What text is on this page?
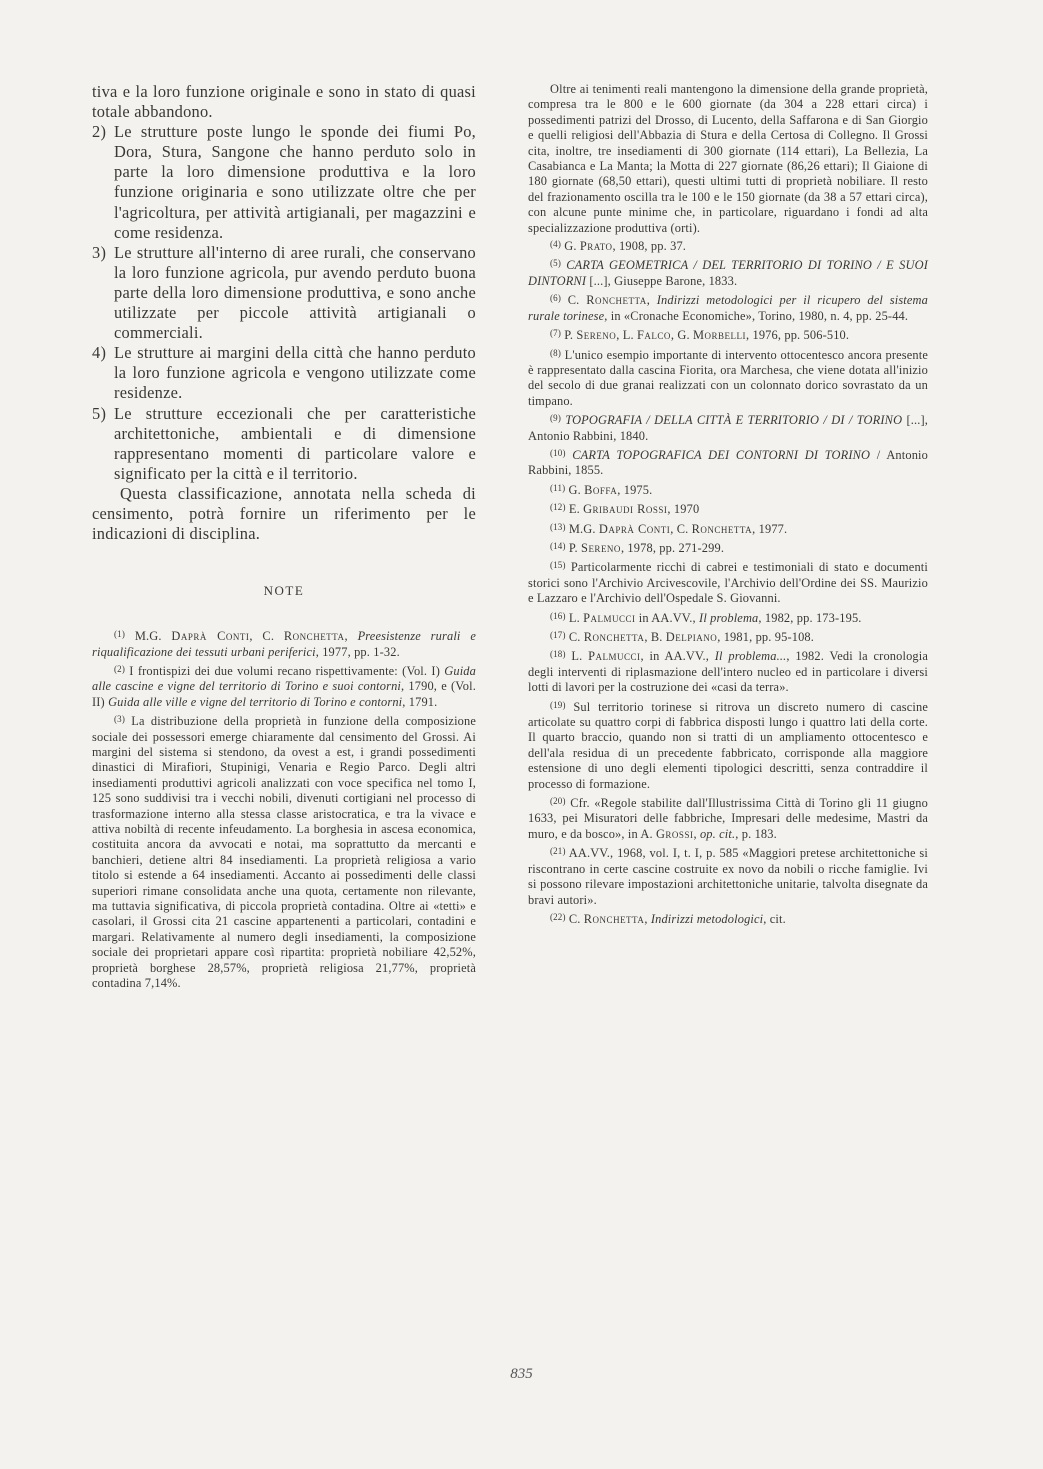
tiva e la loro funzione originale e sono in stato di quasi totale abbandono.

2) Le strutture poste lungo le sponde dei fiumi Po, Dora, Stura, Sangone che hanno perduto solo in parte la loro dimensione produttiva e la loro funzione originaria e sono utilizzate oltre che per l'agricoltura, per attività artigianali, per magazzini e come residenza.

3) Le strutture all'interno di aree rurali, che conservano la loro funzione agricola, pur avendo perduto buona parte della loro dimensione produttiva, e sono anche utilizzate per piccole attività artigianali o commerciali.

4) Le strutture ai margini della città che hanno perduto la loro funzione agricola e vengono utilizzate come residenze.

5) Le strutture eccezionali che per caratteristiche architettoniche, ambientali e di dimensione rappresentano momenti di particolare valore e significato per la città e il territorio.

Questa classificazione, annotata nella scheda di censimento, potrà fornire un riferimento per le indicazioni di disciplina.

NOTE

$^{(1)}$ M.G. Daprà Conti, C. Ronchetta, Preesistenze rurali e riqualificazione dei tessuti urbani periferici, 1977, pp. 1-32.

$^{(2)}$ I frontispizi dei due volumi recano rispettivamente: (Vol. I) Guida alle cascine e vigne del territorio di Torino e suoi contorni, 1790, e (Vol. II) Guida alle ville e vigne del territorio di Torino e contorni, 1791.

$^{(3)}$ La distribuzione della proprietà in funzione della composizione sociale dei possessori emerge chiaramente dal censimento del Grossi. Ai margini del sistema si stendono, da ovest a est, i grandi possedimenti dinastici di Mirafiori, Stupinigi, Venaria e Regio Parco. Degli altri insediamenti produttivi agricoli analizzati con voce specifica nel tomo I, 125 sono suddivisi tra i vecchi nobili, divenuti cortigiani nel processo di trasformazione interno alla stessa classe aristocratica, e tra la vivace e attiva nobiltà di recente infeudamento. La borghesia in ascesa economica, costituita ancora da avvocati e notai, ma soprattutto da mercanti e banchieri, detiene altri 84 insediamenti. La proprietà religiosa a vario titolo si estende a 64 insediamenti. Accanto ai possedimenti delle classi superiori rimane consolidata anche una quota, certamente non rilevante, ma tuttavia significativa, di piccola proprietà contadina. Oltre ai «tetti» e casolari, il Grossi cita 21 cascine appartenenti a particolari, contadini e margari. Relativamente al numero degli insediamenti, la composizione sociale dei proprietari appare così ripartita: proprietà nobiliare 42,52%, proprietà borghese 28,57%, proprietà religiosa 21,77%, proprietà contadina 7,14%.

Oltre ai tenimenti reali mantengono la dimensione della grande proprietà, compresa tra le 800 e le 600 giornate (da 304 a 228 ettari circa) i possedimenti patrizi del Drosso, di Lucento, della Saffarona e di San Giorgio e quelli religiosi dell'Abbazia di Stura e della Certosa di Collegno. Il Grossi cita, inoltre, tre insediamenti di 300 giornate (114 ettari), La Bellezia, La Casabianca e La Manta; la Motta di 227 giornate (86,26 ettari); Il Giaione di 180 giornate (68,50 ettari), questi ultimi tutti di proprietà nobiliare. Il resto del frazionamento oscilla tra le 100 e le 150 giornate (da 38 a 57 ettari circa), con alcune punte minime che, in particolare, riguardano i fondi ad alta specializzazione produttiva (orti).

$^{(4)}$ G. Prato, 1908, pp. 37.

$^{(5)}$ CARTA GEOMETRICA / DEL TERRITORIO DI TORINO / E SUOI DINTORNI [...], Giuseppe Barone, 1833.

$^{(6)}$ C. Ronchetta, Indirizzi metodologici per il ricupero del sistema rurale torinese, in «Cronache Economiche», Torino, 1980, n. 4, pp. 25-44.

$^{(7)}$ P. Sereno, L. Falco, G. Morbelli, 1976, pp. 506-510.

$^{(8)}$ L'unico esempio importante di intervento ottocentesco ancora presente è rappresentato dalla cascina Fiorita, ora Marchesa, che viene dotata all'inizio del secolo di due granai realizzati con un colonnato dorico sovrastato da un timpano.

$^{(9)}$ TOPOGRAFIA / DELLA CITTÀ E TERRITORIO / DI / TORINO [...], Antonio Rabbini, 1840.

$^{(10)}$ CARTA TOPOGRAFICA DEI CONTORNI DI TORINO / Antonio Rabbini, 1855.

$^{(11)}$ G. Boffa, 1975.

$^{(12)}$ E. Gribaudi Rossi, 1970

$^{(13)}$ M.G. Daprà Conti, C. Ronchetta, 1977.

$^{(14)}$ P. Sereno, 1978, pp. 271-299.

$^{(15)}$ Particolarmente ricchi di cabrei e testimoniali di stato e documenti storici sono l'Archivio Arcivescovile, l'Archivio dell'Ordine dei SS. Maurizio e Lazzaro e l'Archivio dell'Ospedale S. Giovanni.

$^{(16)}$ L. Palmucci in AA.VV., Il problema, 1982, pp. 173-195.

$^{(17)}$ C. Ronchetta, B. Delpiano, 1981, pp. 95-108.

$^{(18)}$ L. Palmucci, in AA.VV., Il problema..., 1982. Vedi la cronologia degli interventi di riplasmazione dell'intero nucleo ed in particolare i diversi lotti di lavori per la costruzione dei «casi da terra».

$^{(19)}$ Sul territorio torinese si ritrova un discreto numero di cascine articolate su quattro corpi di fabbrica disposti lungo i quattro lati della corte. Il quarto braccio, quando non si tratti di un ampliamento ottocentesco e dell'ala residua di un precedente fabbricato, corrisponde alla maggiore estensione di uno degli elementi tipologici descritti, senza contraddire il processo di formazione.

$^{(20)}$ Cfr. «Regole stabilite dall'Illustrissima Città di Torino gli 11 giugno 1633, pei Misuratori delle fabbriche, Impresari delle medesime, Mastri da muro, e da bosco», in A. Grossi, op. cit., p. 183.

$^{(21)}$ AA.VV., 1968, vol. I, t. I, p. 585 «Maggiori pretese architettoniche si riscontrano in certe cascine costruite ex novo da nobili o ricche famiglie. Ivi si possono rilevare impostazioni architettoniche unitarie, talvolta disegnate da bravi autori».

$^{(22)}$ C. Ronchetta, Indirizzi metodologici, cit.

835
